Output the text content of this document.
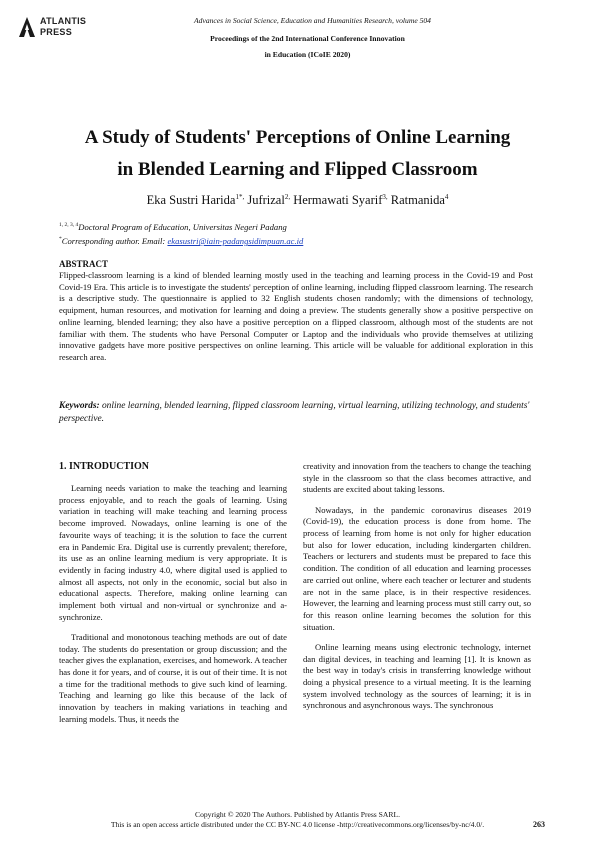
ATLANTIS
PRESS
Advances in Social Science, Education and Humanities Research, volume 504
Proceedings of the 2nd International Conference Innovation
in Education (ICoIE 2020)
A Study of Students' Perceptions of Online Learning
in Blended Learning and Flipped Classroom
Eka Sustri Harida$^{1*,}$ Jufrizal$^{2,}$ Hermawati Syarif$^{3,}$ Ratmanida$^4$
$^{1, 2, 3, 4}$Doctoral Program of Education, Universitas Negeri Padang
*Corresponding author. Email: ekasustri@iain-padangsidimpuan.ac.id
ABSTRACT
Flipped-classroom learning is a kind of blended learning mostly used in the teaching and learning process in the Covid-19 and Post Covid-19 Era. This article is to investigate the students' perception of online learning, including flipped classroom learning. The research is a descriptive study. The questionnaire is applied to 32 English students chosen randomly; with the dimensions of technology, equipment, human resources, and motivation for learning and doing a preview. The students generally show a positive perspective on online learning, blended learning; they also have a positive perception on a flipped classroom, although most of the students are not familiar with them. The students who have Personal Computer or Laptop and the individuals who provide themselves at utilizing innovative gadgets have more positive perspectives on online learning. This article will be valuable for additional exploration in this research area.
Keywords: online learning, blended learning, flipped classroom learning, virtual learning, utilizing technology, and students' perspective.
1. INTRODUCTION

Learning needs variation to make the teaching and learning process enjoyable, and to reach the goals of learning. Using variation in teaching will make teaching and learning process become improved. Nowadays, online learning is one of the favourite ways of teaching; it is the solution to face the current era in Pandemic Era. Digital use is currently prevalent; therefore, its use as an online learning medium is very appropriate. It is evidently in facing industry 4.0, where digital used is applied to almost all aspects, not only in the economic, social but also in educational aspects. Therefore, making online learning can implement both virtual and non-virtual or synchronize and a-synchronize.

Traditional and monotonous teaching methods are out of date today. The students do presentation or group discussion; and the teacher gives the explanation, exercises, and homework. A teacher has done it for years, and of course, it is out of their time. It is not a time for the traditional methods to give such kind of learning. Teaching and learning go like this because of the lack of innovation by teachers in making variations in teaching and learning models. Thus, it needs the

creativity and innovation from the teachers to change the teaching style in the classroom so that the class becomes attractive, and students are excited about taking lessons.

Nowadays, in the pandemic coronavirus diseases 2019 (Covid-19), the education process is done from home. The process of learning from home is not only for higher education but also for lower education, including kindergarten children. Teachers or lecturers and students must be prepared to face this condition. The condition of all education and learning processes are carried out online, where each teacher or lecturer and students are not in the same place, is in their respective residences. However, the learning and learning process must still carry out, so for this reason online learning becomes the solution for this situation.

Online learning means using electronic technology, internet dan digital devices, in teaching and learning [1]. It is known as the best way in today's crisis in transferring knowledge without doing a physical presence to a virtual meeting. It is the learning system involved technology as the sources of learning; it is in synchronous and asynchronous ways. The synchronous

Copyright © 2020 The Authors. Published by Atlantis Press SARL.
This is an open access article distributed under the CC BY-NC 4.0 license -http://creativecommons.org/licenses/by-nc/4.0/.	263
